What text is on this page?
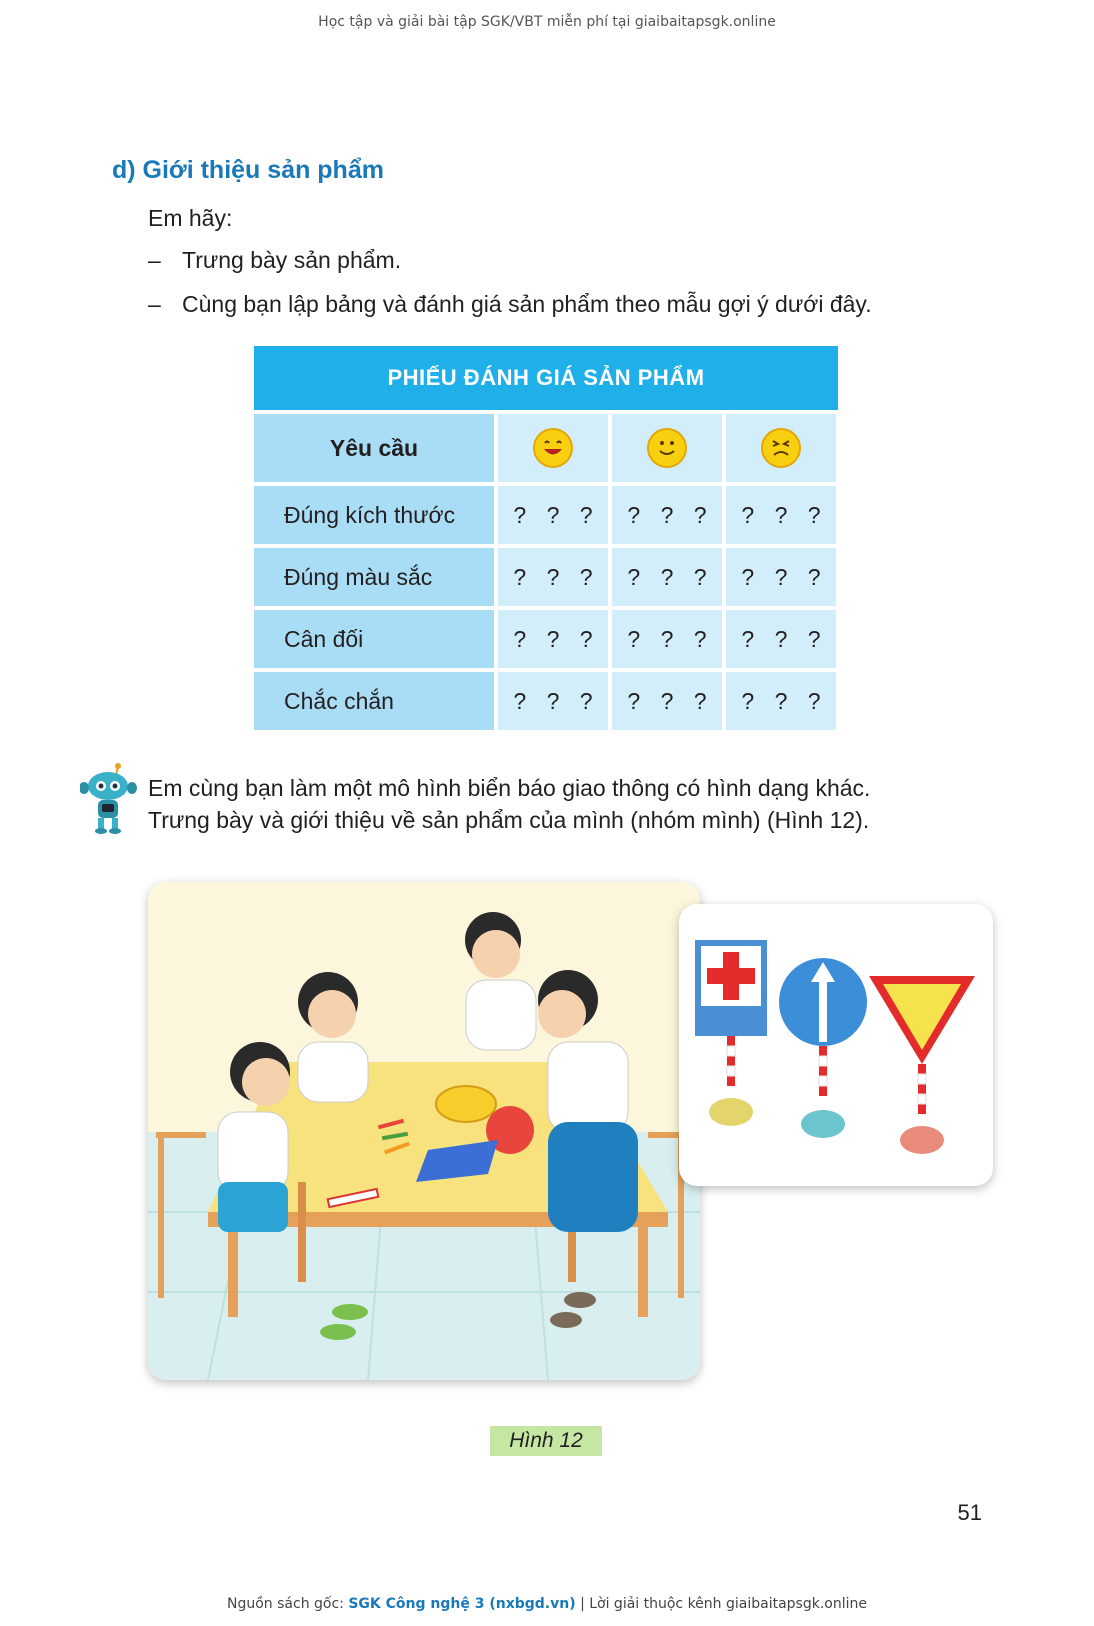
Học tập và giải bài tập SGK/VBT miễn phí tại giaibaitapsgk.online
d) Giới thiệu sản phẩm
Em hãy:
– Trưng bày sản phẩm.
– Cùng bạn lập bảng và đánh giá sản phẩm theo mẫu gợi ý dưới đây.
PHIẾU ĐÁNH GIÁ SẢN PHẨM
Yêu cầu
Đúng kích thước	? ? ?	? ? ?	? ? ?
Đúng màu sắc	? ? ?	? ? ?	? ? ?
Cân đối	? ? ?	? ? ?	? ? ?
Chắc chắn	? ? ?	? ? ?	? ? ?
Em cùng bạn làm một mô hình biển báo giao thông có hình dạng khác.
Trưng bày và giới thiệu về sản phẩm của mình (nhóm mình) (Hình 12).
Hình 12
51
Nguồn sách gốc: SGK Công nghệ 3 (nxbgd.vn) | Lời giải thuộc kênh giaibaitapsgk.online
